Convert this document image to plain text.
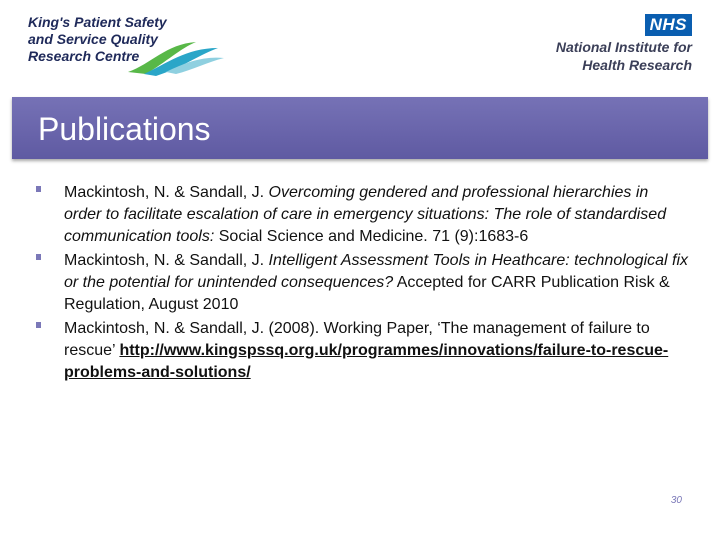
King's Patient Safety
and Service Quality
Research Centre
NHS
National Institute for
Health Research
Publications
Mackintosh, N. & Sandall, J. Overcoming gendered and professional hierarchies in order to facilitate escalation of care in emergency situations: The role of standardised communication tools: Social Science and Medicine. 71 (9):1683-6
Mackintosh, N. & Sandall, J. Intelligent Assessment Tools in Heathcare: technological fix or the potential for unintended consequences? Accepted for CARR Publication Risk & Regulation, August 2010
Mackintosh, N. & Sandall, J. (2008). Working Paper, ‘The management of failure to rescue’ http://www.kingspssq.org.uk/programmes/innovations/failure-to-rescue-problems-and-solutions/
30
